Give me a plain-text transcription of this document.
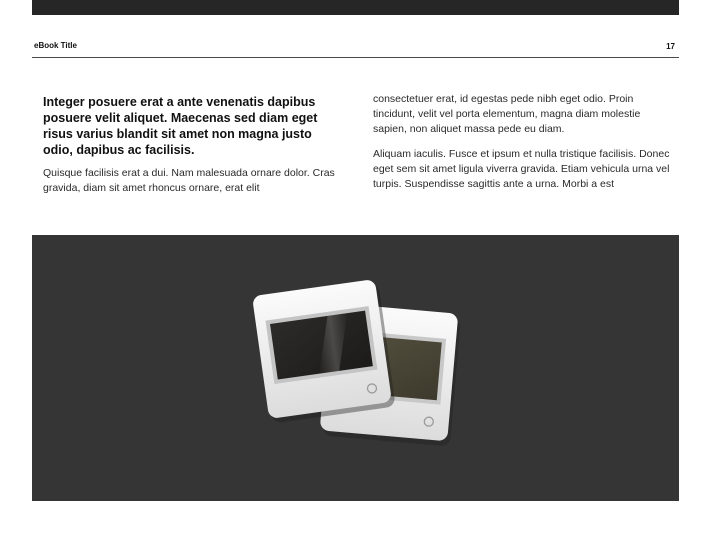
eBook Title	17

Integer posuere erat a ante venenatis dapibus posuere velit aliquet. Maecenas sed diam eget risus varius blandit sit amet non magna justo odio, dapibus ac facilisis.

Quisque facilisis erat a dui. Nam malesuada ornare dolor. Cras gravida, diam sit amet rhoncus ornare, erat elit

consectetuer erat, id egestas pede nibh eget odio. Proin tincidunt, velit vel porta elementum, magna diam molestie sapien, non aliquet massa pede eu diam.

Aliquam iaculis. Fusce et ipsum et nulla tristique facilisis. Donec eget sem sit amet ligula viverra gravida. Etiam vehicula urna vel turpis. Suspendisse sagittis ante a urna. Morbi a est
